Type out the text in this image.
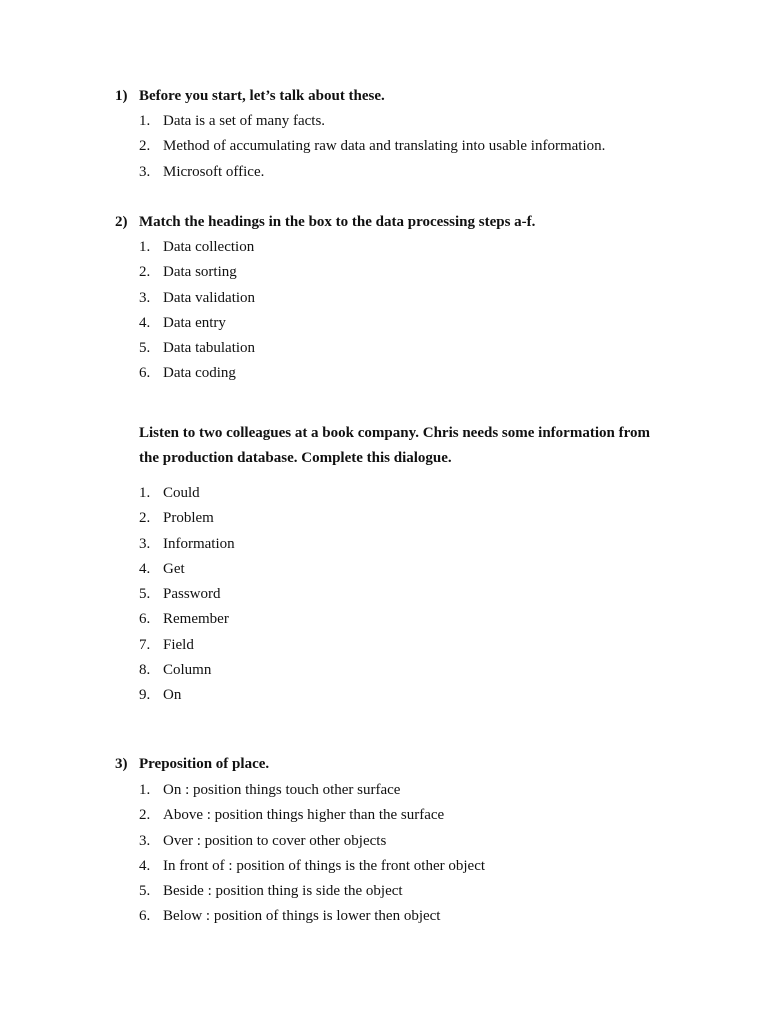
1) Before you start, let’s talk about these.
1. Data is a set of many facts.
2. Method of accumulating raw data and translating into usable information.
3. Microsoft office.
2) Match the headings in the box to the data processing steps a-f.
1. Data collection
2. Data sorting
3. Data validation
4. Data entry
5. Data tabulation
6. Data coding
Listen to two colleagues at a book company. Chris needs some information from
the production database. Complete this dialogue.
1. Could
2. Problem
3. Information
4. Get
5. Password
6. Remember
7. Field
8. Column
9. On
3) Preposition of place.
1. On : position things touch other surface
2. Above : position things higher than the surface
3. Over : position to cover other objects
4. In front of : position of things is the front other object
5. Beside : position thing is side the object
6. Below : position of things is lower then object
